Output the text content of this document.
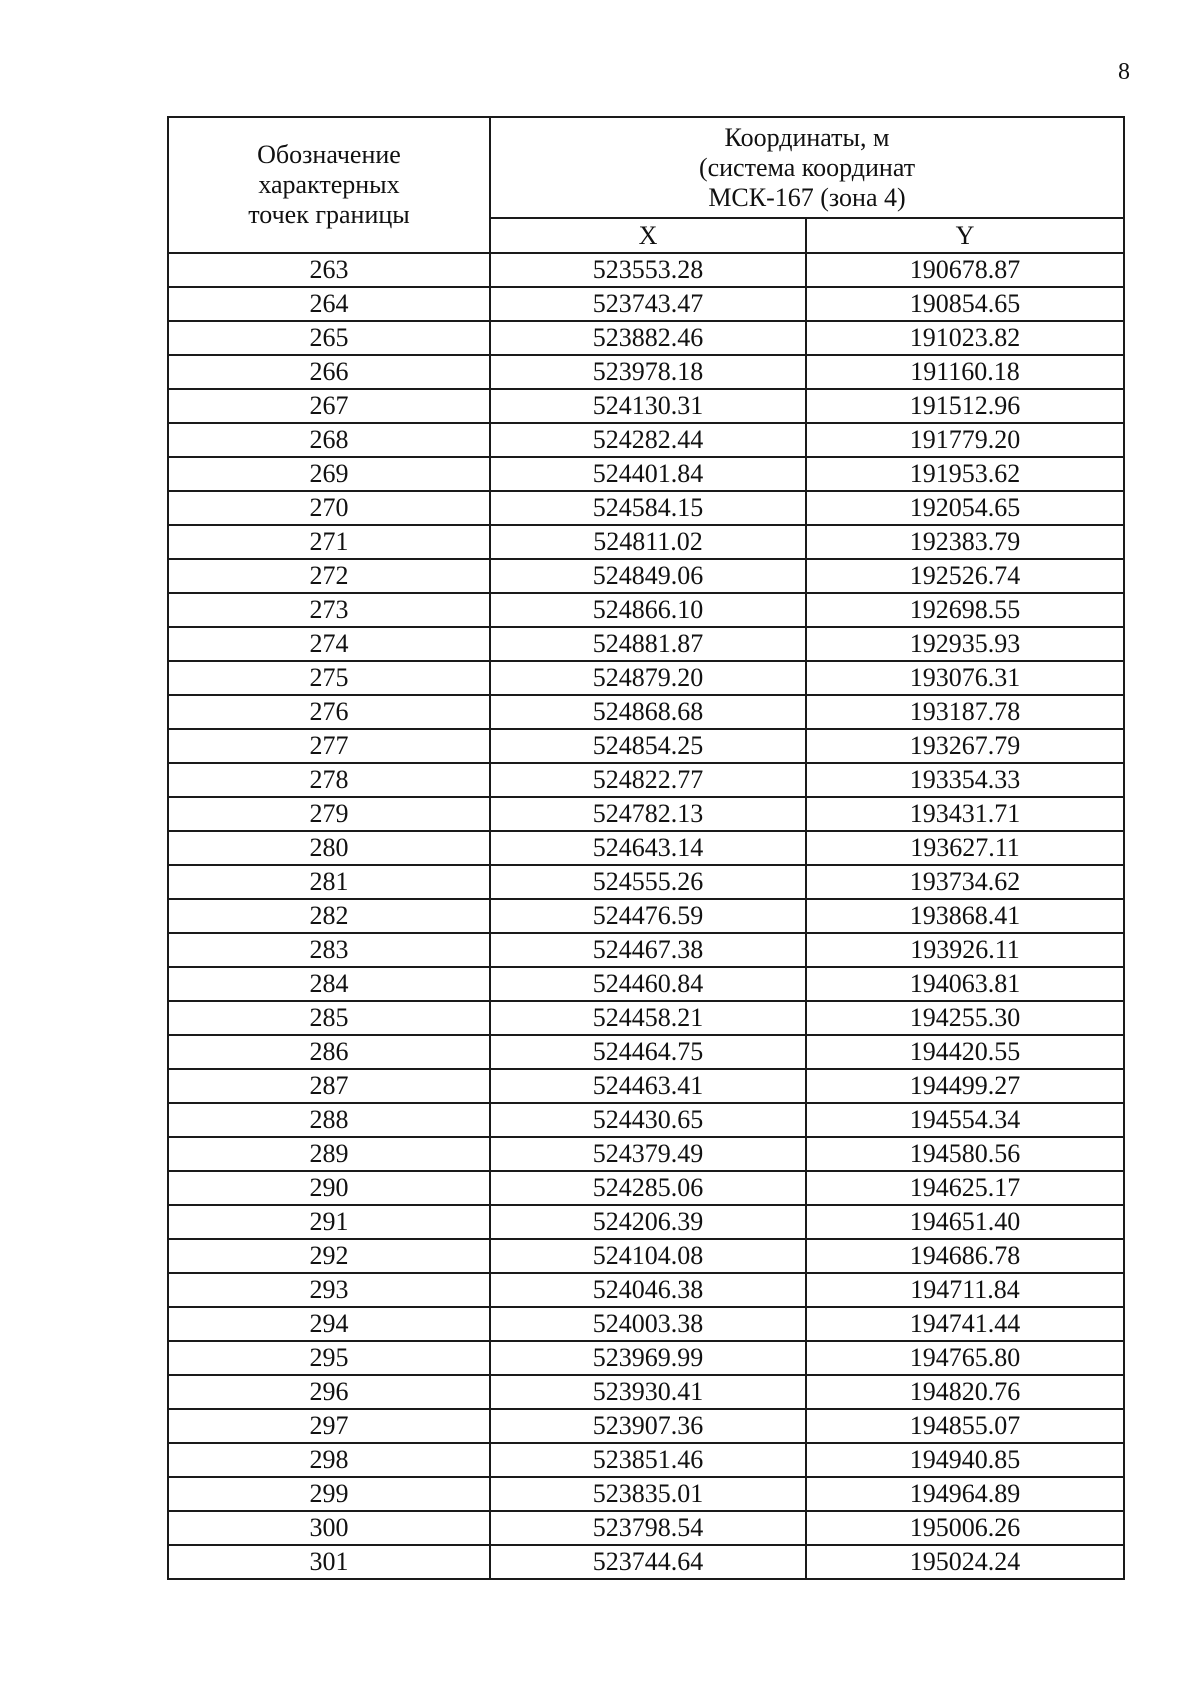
8
Обозначение
характерных
точек границы	Координаты, м
(система координат
МСК-167 (зона 4)	

	X	Y
263	523553.28	190678.87
264	523743.47	190854.65
265	523882.46	191023.82
266	523978.18	191160.18
267	524130.31	191512.96
268	524282.44	191779.20
269	524401.84	191953.62
270	524584.15	192054.65
271	524811.02	192383.79
272	524849.06	192526.74
273	524866.10	192698.55
274	524881.87	192935.93
275	524879.20	193076.31
276	524868.68	193187.78
277	524854.25	193267.79
278	524822.77	193354.33
279	524782.13	193431.71
280	524643.14	193627.11
281	524555.26	193734.62
282	524476.59	193868.41
283	524467.38	193926.11
284	524460.84	194063.81
285	524458.21	194255.30
286	524464.75	194420.55
287	524463.41	194499.27
288	524430.65	194554.34
289	524379.49	194580.56
290	524285.06	194625.17
291	524206.39	194651.40
292	524104.08	194686.78
293	524046.38	194711.84
294	524003.38	194741.44
295	523969.99	194765.80
296	523930.41	194820.76
297	523907.36	194855.07
298	523851.46	194940.85
299	523835.01	194964.89
300	523798.54	195006.26
301	523744.64	195024.24
